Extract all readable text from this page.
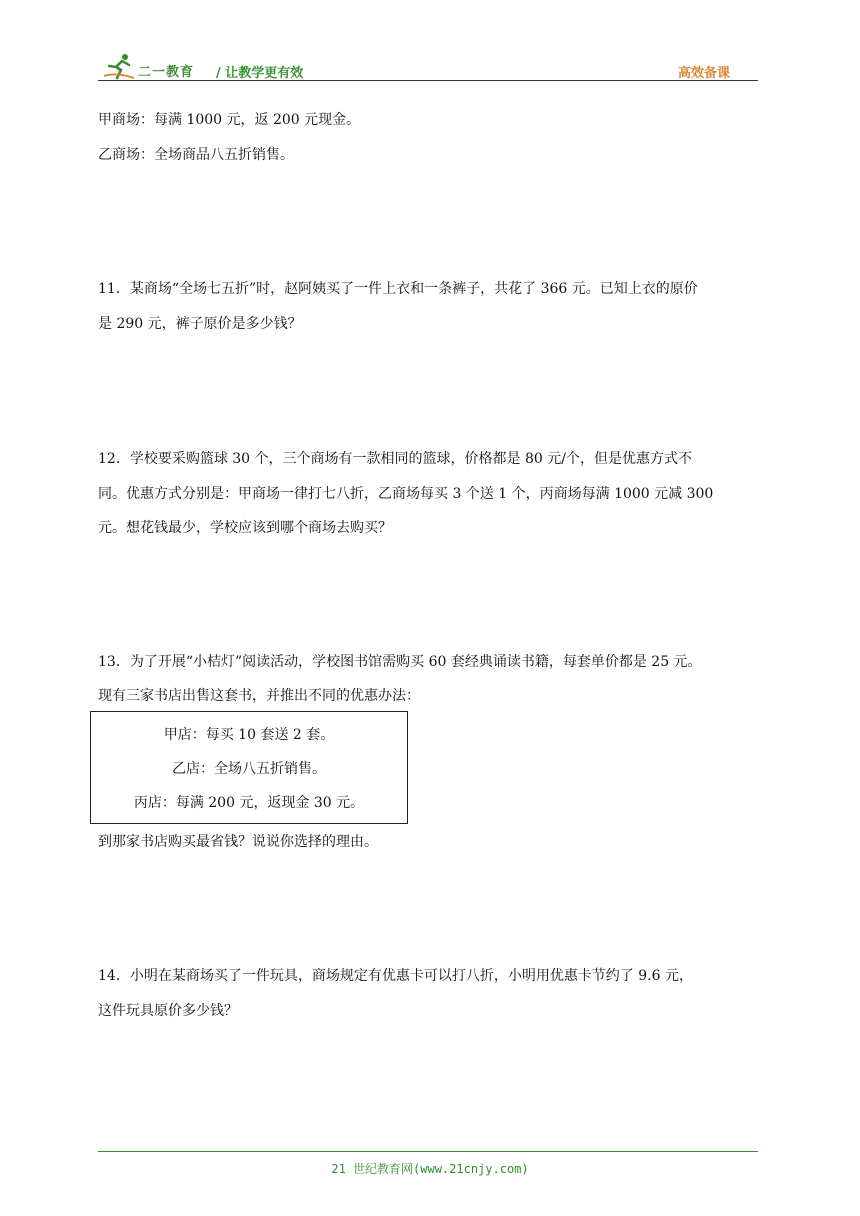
二一教育 / 让教学更有效	高效备课
甲商场：每满 1000 元，返 200 元现金。
乙商场：全场商品八五折销售。
11．某商场“全场七五折”时，赵阿姨买了一件上衣和一条裤子，共花了 366 元。已知上衣的原价
是 290 元，裤子原价是多少钱？
12．学校要采购篮球 30 个，三个商场有一款相同的篮球，价格都是 80 元/个，但是优惠方式不
同。优惠方式分别是：甲商场一律打七八折，乙商场每买 3 个送 1 个，丙商场每满 1000 元减 300
元。想花钱最少，学校应该到哪个商场去购买？
13．为了开展“小桔灯”阅读活动，学校图书馆需购买 60 套经典诵读书籍，每套单价都是 25 元。
现有三家书店出售这套书，并推出不同的优惠办法：
甲店：每买 10 套送 2 套。
乙店：全场八五折销售。
丙店：每满 200 元，返现金 30 元。
到那家书店购买最省钱？说说你选择的理由。
14．小明在某商场买了一件玩具，商场规定有优惠卡可以打八折，小明用优惠卡节约了 9.6 元，
这件玩具原价多少钱？
21 世纪教育网(www.21cnjy.com)
